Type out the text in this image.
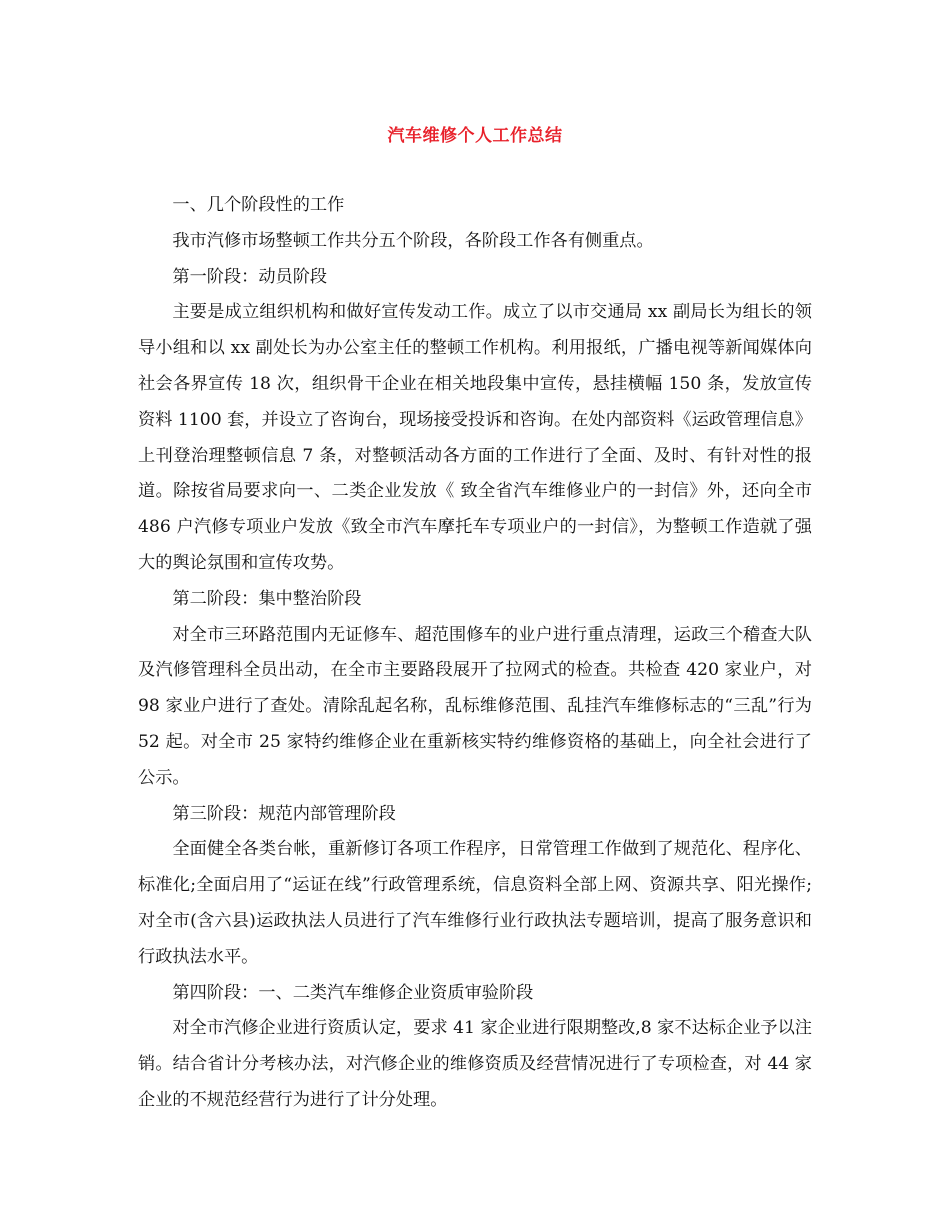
汽车维修个人工作总结

一、几个阶段性的工作

我市汽修市场整顿工作共分五个阶段，各阶段工作各有侧重点。

第一阶段：动员阶段

主要是成立组织机构和做好宣传发动工作。成立了以市交通局 xx 副局长为组长的领导小组和以 xx 副处长为办公室主任的整顿工作机构。利用报纸，广播电视等新闻媒体向社会各界宣传 18 次，组织骨干企业在相关地段集中宣传，悬挂横幅 150 条，发放宣传资料 1100 套，并设立了咨询台，现场接受投诉和咨询。在处内部资料《运政管理信息》上刊登治理整顿信息 7 条，对整顿活动各方面的工作进行了全面、及时、有针对性的报道。除按省局要求向一、二类企业发放《 致全省汽车维修业户的一封信》外，还向全市 486 户汽修专项业户发放《致全市汽车摩托车专项业户的一封信》，为整顿工作造就了强大的舆论氛围和宣传攻势。

第二阶段：集中整治阶段

对全市三环路范围内无证修车、超范围修车的业户进行重点清理，运政三个稽查大队及汽修管理科全员出动，在全市主要路段展开了拉网式的检查。共检查 420 家业户，对 98 家业户进行了查处。清除乱起名称，乱标维修范围、乱挂汽车维修标志的“三乱”行为 52 起。对全市 25 家特约维修企业在重新核实特约维修资格的基础上，向全社会进行了公示。

第三阶段：规范内部管理阶段

全面健全各类台帐，重新修订各项工作程序，日常管理工作做到了规范化、程序化、标准化;全面启用了“运证在线”行政管理系统，信息资料全部上网、资源共享、阳光操作;对全市(含六县)运政执法人员进行了汽车维修行业行政执法专题培训，提高了服务意识和行政执法水平。

第四阶段：一、二类汽车维修企业资质审验阶段

对全市汽修企业进行资质认定，要求 41 家企业进行限期整改,8 家不达标企业予以注销。结合省计分考核办法，对汽修企业的维修资质及经营情况进行了专项检查，对 44 家企业的不规范经营行为进行了计分处理。
